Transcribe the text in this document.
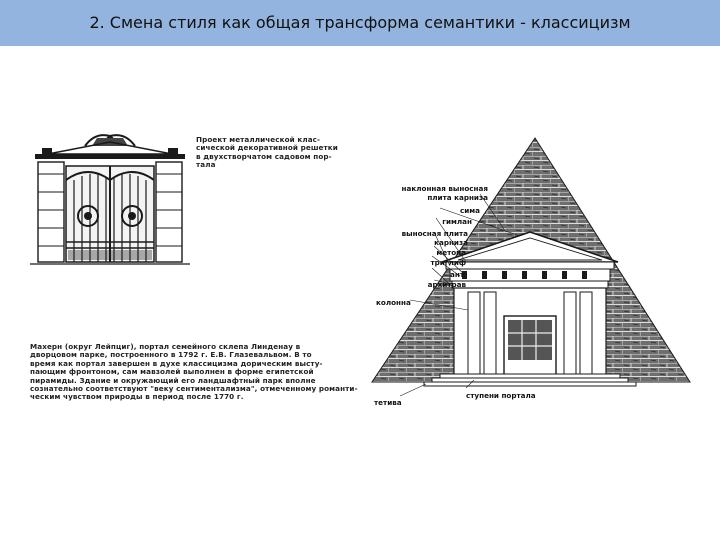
2. Смена стиля как общая трансформа семантики - классицизм
Проект металлической клас-
сической декоративной решетки
в двухстворчатом садовом пор-
тала
Махерн (округ Лейпциг), портал семейного склепа Линденау в
дворцовом парке, построенного в 1792 г. Е.В. Глазевальвом. В то
время как портал завершен в духе классицизма дорическим высту-
пающим фронтоном, сам мавзолей выполнен в форме египетской
пирамиды. Здание и окружающий его ландшафтный парк вполне
сознательно соответствуют "веку сентиментализма", отмеченному романти-
ческим чувством природы в период после 1770 г.
наклонная выносная
плита карниза
сима
гимлан
выносная плита
карниза
метопа
триглиф
ант
архитрав
колонна
тетива
ступени портала
